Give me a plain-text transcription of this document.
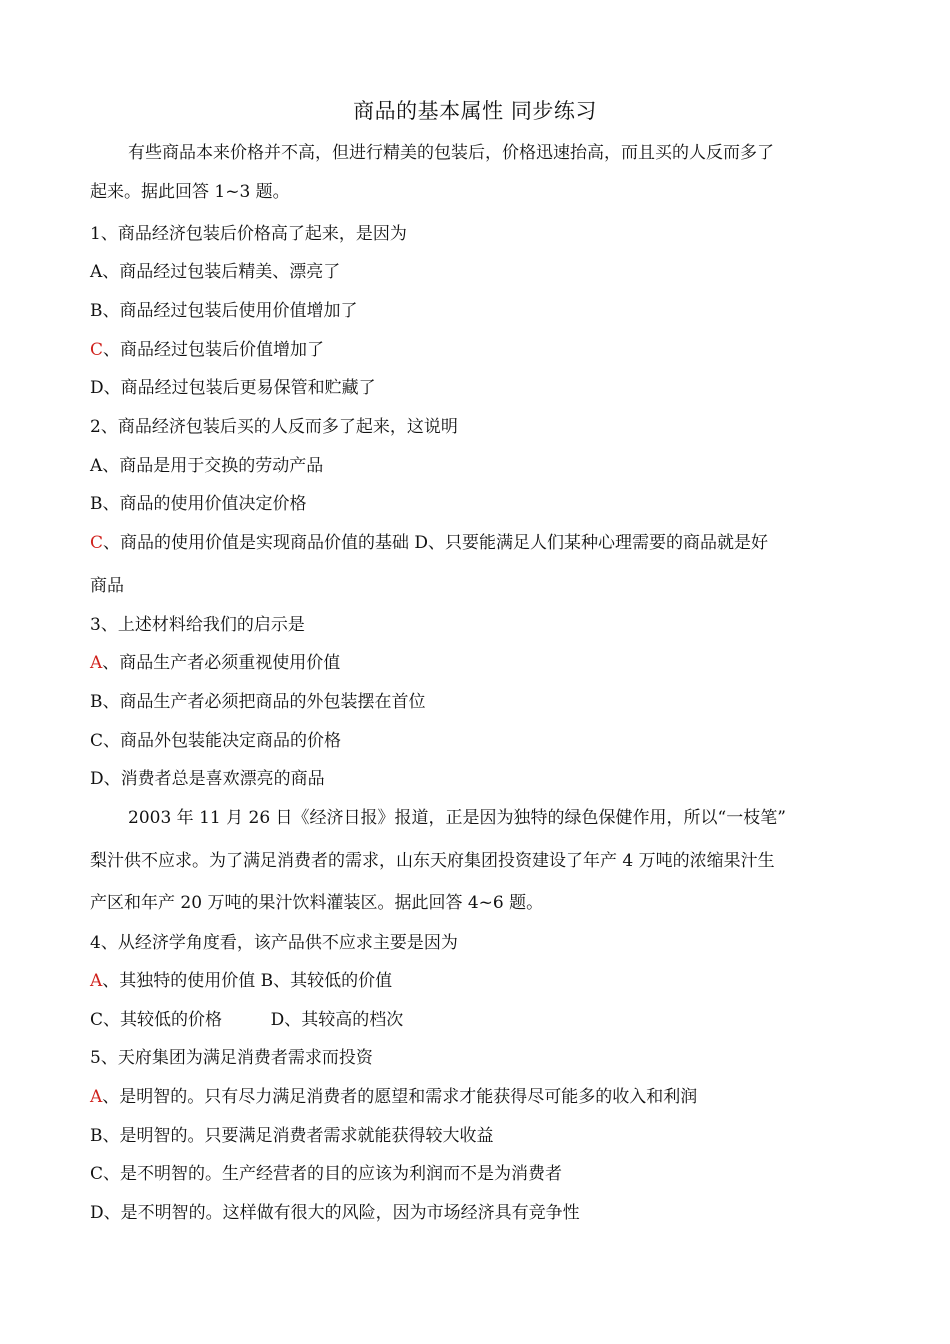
商品的基本属性 同步练习
有些商品本来价格并不高，但进行精美的包装后，价格迅速抬高，而且买的人反而多了
起来。据此回答 1~3 题。
1、商品经济包装后价格高了起来，是因为
A、商品经过包装后精美、漂亮了
B、商品经过包装后使用价值增加了
C、商品经过包装后价值增加了
D、商品经过包装后更易保管和贮藏了
2、商品经济包装后买的人反而多了起来，这说明
A、商品是用于交换的劳动产品
B、商品的使用价值决定价格
C、商品的使用价值是实现商品价值的基础 D、只要能满足人们某种心理需要的商品就是好
商品
3、上述材料给我们的启示是
A、商品生产者必须重视使用价值
B、商品生产者必须把商品的外包装摆在首位
C、商品外包装能决定商品的价格
D、消费者总是喜欢漂亮的商品
2003 年 11 月 26 日《经济日报》报道，正是因为独特的绿色保健作用，所以“一枝笔”
梨汁供不应求。为了满足消费者的需求，山东天府集团投资建设了年产 4 万吨的浓缩果汁生
产区和年产 20 万吨的果汁饮料灌装区。据此回答 4~6 题。
4、从经济学角度看，该产品供不应求主要是因为
A、其独特的使用价值 B、其较低的价值
C、其较低的价格         D、其较高的档次
5、天府集团为满足消费者需求而投资
A、是明智的。只有尽力满足消费者的愿望和需求才能获得尽可能多的收入和利润
B、是明智的。只要满足消费者需求就能获得较大收益
C、是不明智的。生产经营者的目的应该为利润而不是为消费者
D、是不明智的。这样做有很大的风险，因为市场经济具有竞争性
